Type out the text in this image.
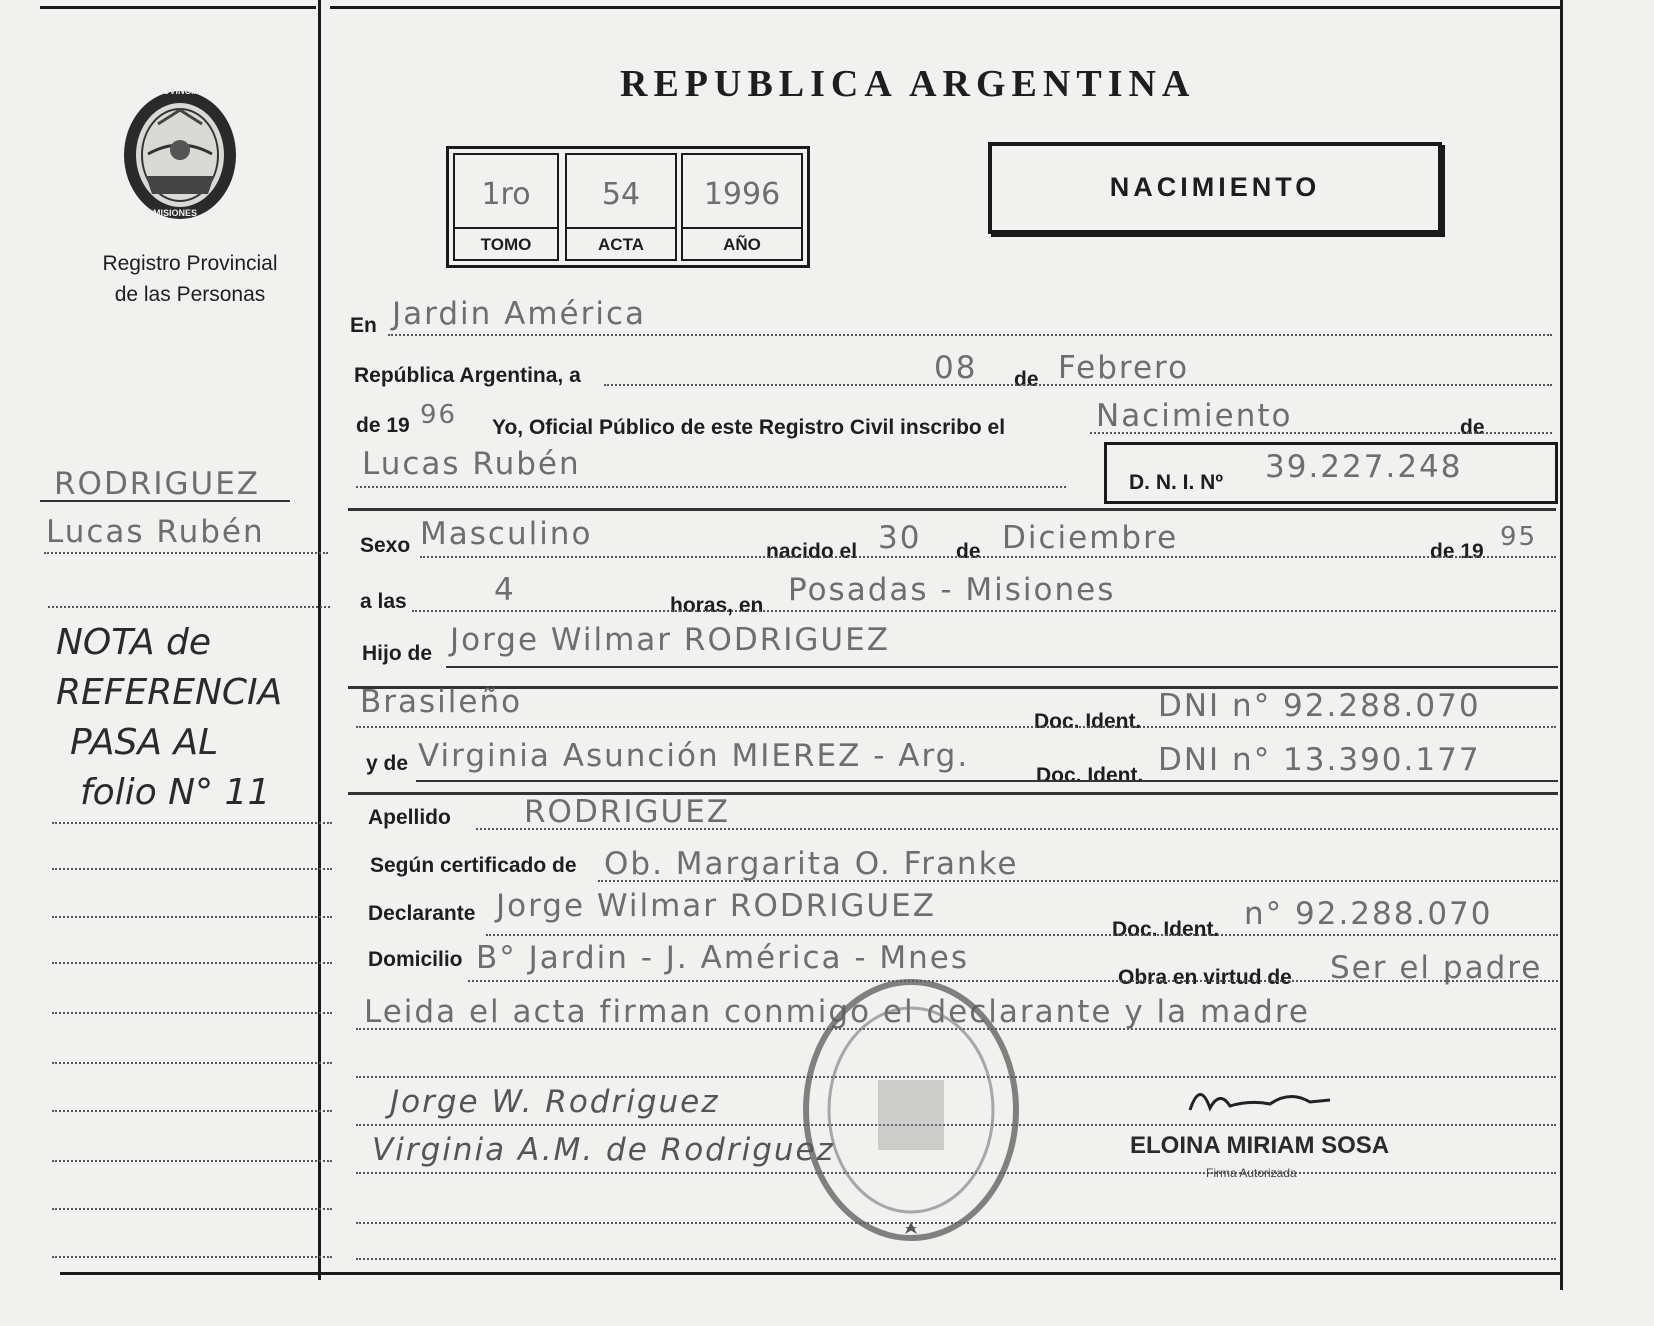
PROVINCIA
MISIONES
Registro Provincial
de las Personas
REPUBLICA ARGENTINA
1ro
TOMO
54
ACTA
1996
AÑO
NACIMIENTO
En Jardin América
República Argentina, a	08 de Febrero
de 19 96 Yo, Oficial Público de este Registro Civil inscribo el	Nacimiento	de
Lucas Rubén
D. N. I. Nº 39.227.248
Sexo Masculino	nacido el 30 de Diciembre	de 19 95
a las	4	horas, en Posadas - Misiones
Hijo de Jorge Wilmar RODRIGUEZ
Brasileño
Doc. Ident. DNI n° 92.288.070
y de Virginia Asunción MIEREZ - Arg.
Doc. Ident. DNI n° 13.390.177
Apellido RODRIGUEZ
Según certificado de Ob. Margarita O. Franke
Declarante Jorge Wilmar RODRIGUEZ
Doc. Ident. n° 92.288.070
Domicilio B° Jardin - J. América - Mnes
Obra en virtud de Ser el padre
Leida el acta firman conmigo el declarante y la madre
Jorge W. Rodriguez
Virginia A.M. de Rodriguez	ELOINA MIRIAM SOSA
Firma Autorizada
RODRIGUEZ
Lucas Rubén
NOTA de
REFERENCIA
PASA AL
folio N° 11
